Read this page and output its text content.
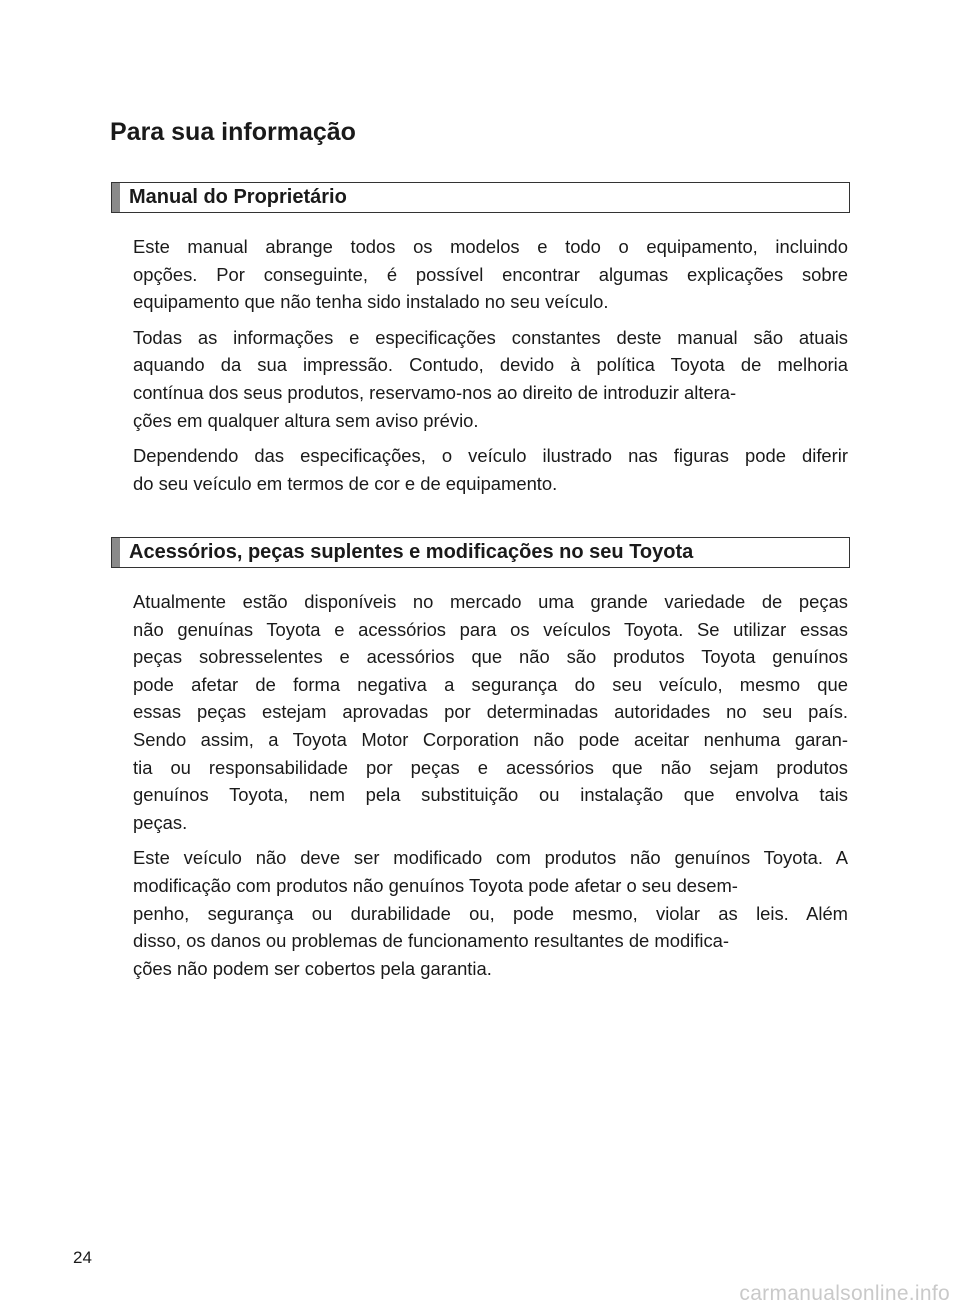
Para sua informação
Manual do Proprietário

Este manual abrange todos os modelos e todo o equipamento, incluindo
opções. Por conseguinte, é possível encontrar algumas explicações sobre
equipamento que não tenha sido instalado no seu veículo.

Todas as informações e especificações constantes deste manual são atuais
aquando da sua impressão. Contudo, devido à política Toyota de melhoria
contínua dos seus produtos, reservamo-nos ao direito de introduzir altera-
ções em qualquer altura sem aviso prévio.

Dependendo das especificações, o veículo ilustrado nas figuras pode diferir
do seu veículo em termos de cor e de equipamento.

Acessórios, peças suplentes e modificações no seu Toyota

Atualmente estão disponíveis no mercado uma grande variedade de peças
não genuínas Toyota e acessórios para os veículos Toyota. Se utilizar essas
peças sobresselentes e acessórios que não são produtos Toyota genuínos
pode afetar de forma negativa a segurança do seu veículo, mesmo que
essas peças estejam aprovadas por determinadas autoridades no seu país.
Sendo assim, a Toyota Motor Corporation não pode aceitar nenhuma garan-
tia ou responsabilidade por peças e acessórios que não sejam produtos
genuínos Toyota, nem pela substituição ou instalação que envolva tais
peças.

Este veículo não deve ser modificado com produtos não genuínos Toyota. A
modificação com produtos não genuínos Toyota pode afetar o seu desem-
penho, segurança ou durabilidade ou, pode mesmo, violar as leis. Além
disso, os danos ou problemas de funcionamento resultantes de modifica-
ções não podem ser cobertos pela garantia.

24
carmanualsonline.info
